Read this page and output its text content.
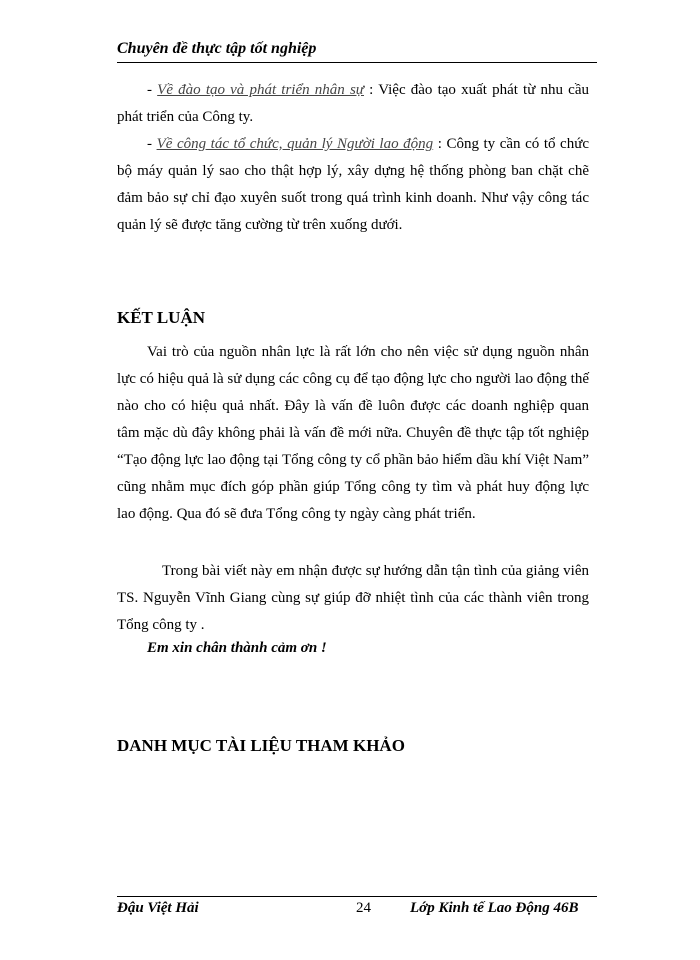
Chuyên đề thực tập tốt nghiệp
- Về đào tạo và phát triển nhân sự : Việc đào tạo xuất phát từ nhu cầu phát triển của Công ty.
- Về công tác tổ chức, quản lý Người lao động : Công ty cần có tổ chức bộ máy quản lý sao cho thật hợp lý, xây dựng hệ thống phòng ban chặt chẽ đảm bảo sự chỉ đạo xuyên suốt trong quá trình kinh doanh. Như vậy công tác quản lý sẽ được tăng cường từ trên xuống dưới.
KẾT LUẬN
Vai trò của nguồn nhân lực là rất lớn cho nên việc sử dụng nguồn nhân lực có hiệu quả là sử dụng các công cụ để tạo động lực cho người lao động thế nào cho có hiệu quả nhất. Đây là vấn đề luôn được các doanh nghiệp quan tâm mặc dù đây không phải là vấn đề mới nữa. Chuyên đề thực tập tốt nghiệp “Tạo động lực lao động tại Tổng công ty cổ phần bảo hiểm dầu khí Việt Nam” cũng nhằm mục đích góp phần giúp Tổng công ty tìm và phát huy động lực lao động. Qua đó sẽ đưa Tổng công ty ngày càng phát triển.
Trong bài viết này em nhận được sự hướng dẫn tận tình của giảng viên TS. Nguyễn Vĩnh Giang cùng sự giúp đỡ nhiệt tình của các thành viên trong Tổng công ty .
Em xin chân thành cảm ơn !
DANH MỤC TÀI LIỆU THAM KHẢO
Đậu Việt Hải	24	Lớp Kinh tế Lao Động 46B
